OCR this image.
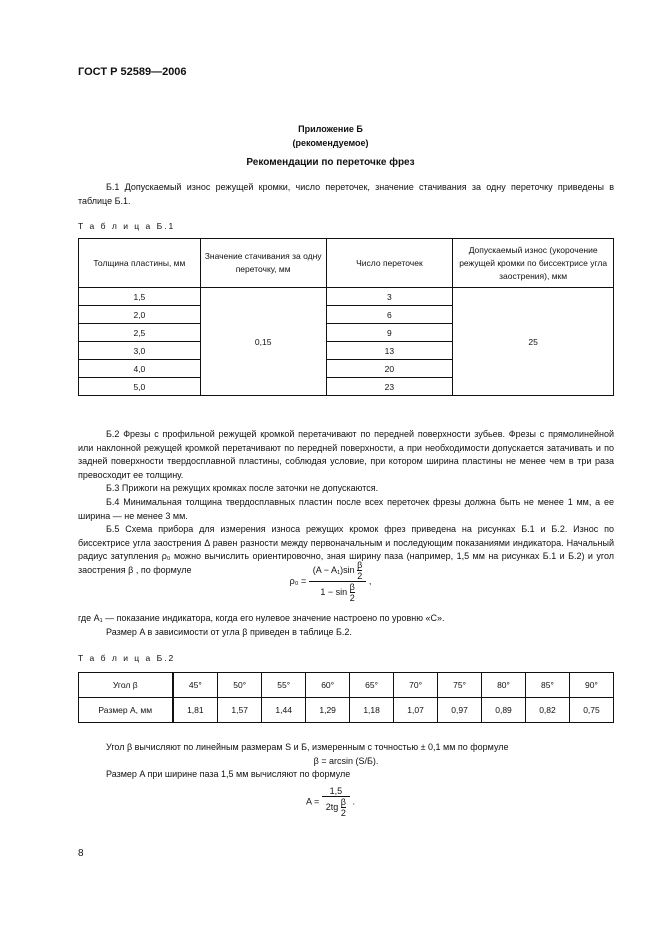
ГОСТ Р 52589—2006
Приложение Б
(рекомендуемое)
Рекомендации по переточке фрез
Б.1 Допускаемый износ режущей кромки, число переточек, значение стачивания за одну переточку приведены в таблице Б.1.
Т а б л и ц а Б.1
Толщина пластины, мм	Значение стачивания за одну переточку, мм	Число переточек	Допускаемый износ (укорочение режущей кромки по биссектрисе угла заострения), мкм
1,5	0,15	3	25
2,0		6	
2,5		9	
3,0		13	
4,0		20	
5,0		23	

Б.2 Фрезы с профильной режущей кромкой перетачивают по передней поверхности зубьев. Фрезы с прямолинейной или наклонной режущей кромкой перетачивают по передней поверхности, а при необходимости допускается затачивать и по задней поверхности твердосплавной пластины, соблюдая условие, при котором ширина пластины не менее чем в три раза превосходит ее толщину.

Б.3 Прижоги на режущих кромках после заточки не допускаются.

Б.4 Минимальная толщина твердосплавных пластин после всех переточек фрезы должна быть не менее 1 мм, а ее ширина — не менее 3 мм.

Б.5 Схема прибора для измерения износа режущих кромок фрез приведена на рисунках Б.1 и Б.2. Износ по биссектрисе угла заострения Δ равен разности между первоначальным и последующим показаниями индикатора. Начальный радиус затупления ρ₀ можно вычислить ориентировочно, зная ширину паза (например, 1,5 мм на рисунках Б.1 и Б.2) и угол заострения β , по формуле

$\rho_0 = \frac{(A - A_1)\sin \frac{\beta}{2}}{1 - \sin \frac{\beta}{2}}$ ,

где A₁ — показание индикатора, когда его нулевое значение настроено по уровню «С».

Размер A в зависимости от угла β приведен в таблице Б.2.

Т а б л и ц а Б.2
Угол β	45°	50°	55°	60°	65°	70°	75°	80°	85°	90°
Размер A, мм	1,81	1,57	1,44	1,29	1,18	1,07	0,97	0,89	0,82	0,75

Угол β вычисляют по линейным размерам S и Б, измеренным с точностью ± 0,1 мм по формуле

β = arcsin (S/Б).

Размер A при ширине паза 1,5 мм вычисляют по формуле

$A = \frac{1,5}{2tg \frac{\beta}{2}}$ .
8
